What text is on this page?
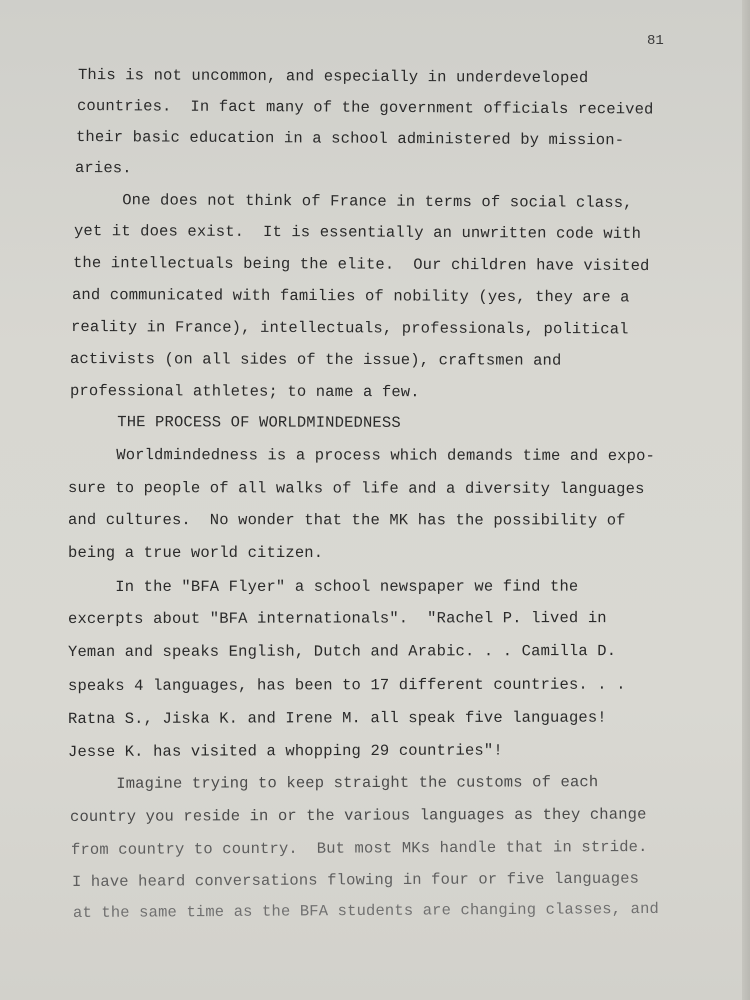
81
This is not uncommon, and especially in underdeveloped
countries.  In fact many of the government officials received
their basic education in a school administered by mission-
aries.
One does not think of France in terms of social class,
yet it does exist.  It is essentially an unwritten code with
the intellectuals being the elite.  Our children have visited
and communicated with families of nobility (yes, they are a
reality in France), intellectuals, professionals, political
activists (on all sides of the issue), craftsmen and
professional athletes; to name a few.
THE PROCESS OF WORLDMINDEDNESS
Worldmindedness is a process which demands time and expo-
sure to people of all walks of life and a diversity languages
and cultures.  No wonder that the MK has the possibility of
being a true world citizen.
In the "BFA Flyer" a school newspaper we find the
excerpts about "BFA internationals".  "Rachel P. lived in
Yeman and speaks English, Dutch and Arabic. . . Camilla D.
speaks 4 languages, has been to 17 different countries. . .
Ratna S., Jiska K. and Irene M. all speak five languages!
Jesse K. has visited a whopping 29 countries"!
Imagine trying to keep straight the customs of each
country you reside in or the various languages as they change
from country to country.  But most MKs handle that in stride.
I have heard conversations flowing in four or five languages
at the same time as the BFA students are changing classes, and
